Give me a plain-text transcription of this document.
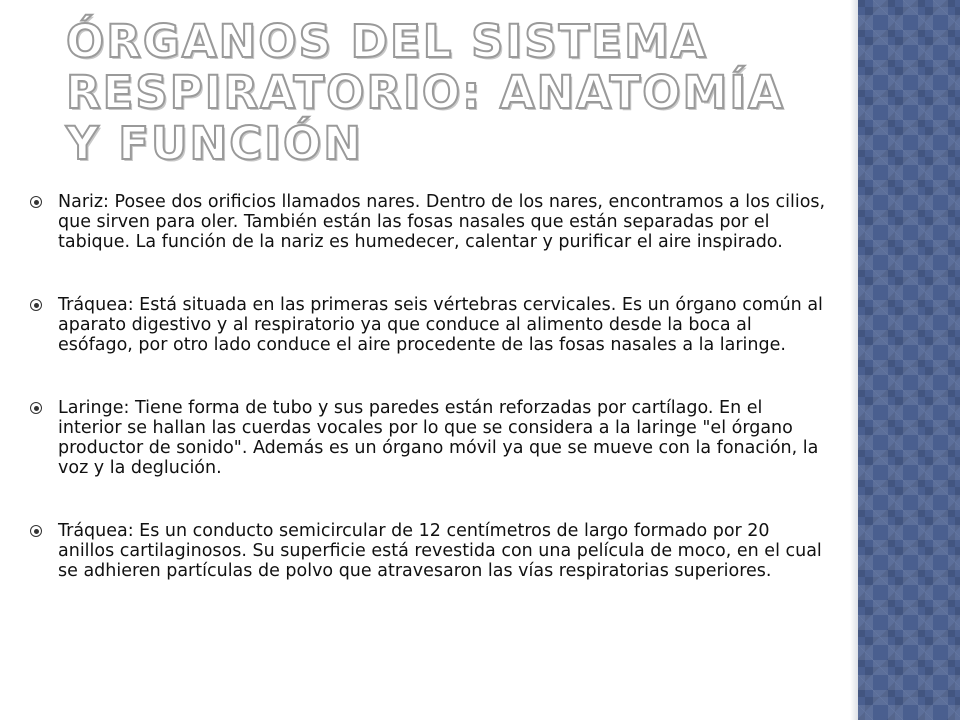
ÓRGANOS DEL SISTEMA RESPIRATORIO: ANATOMÍA Y FUNCIÓN
Nariz: Posee dos orificios llamados nares. Dentro de los nares, encontramos a los cilios, que sirven para oler. También están las fosas nasales que están separadas por el tabique. La función de la nariz es humedecer, calentar y purificar el aire inspirado.
Tráquea: Está situada en las primeras seis vértebras cervicales. Es un órgano común al aparato digestivo y al respiratorio ya que conduce al alimento desde la boca al esófago, por otro lado conduce el aire procedente de las fosas nasales a la laringe.
Laringe: Tiene forma de tubo y sus paredes están reforzadas por cartílago. En el interior se hallan las cuerdas vocales por lo que se considera a la laringe "el órgano productor de sonido". Además es un órgano móvil ya que se mueve con la fonación, la voz y la deglución.
Tráquea: Es un conducto semicircular de 12 centímetros de largo formado por 20 anillos cartilaginosos. Su superficie está revestida con una película de moco, en el cual se adhieren partículas de polvo que atravesaron las vías respiratorias superiores.
